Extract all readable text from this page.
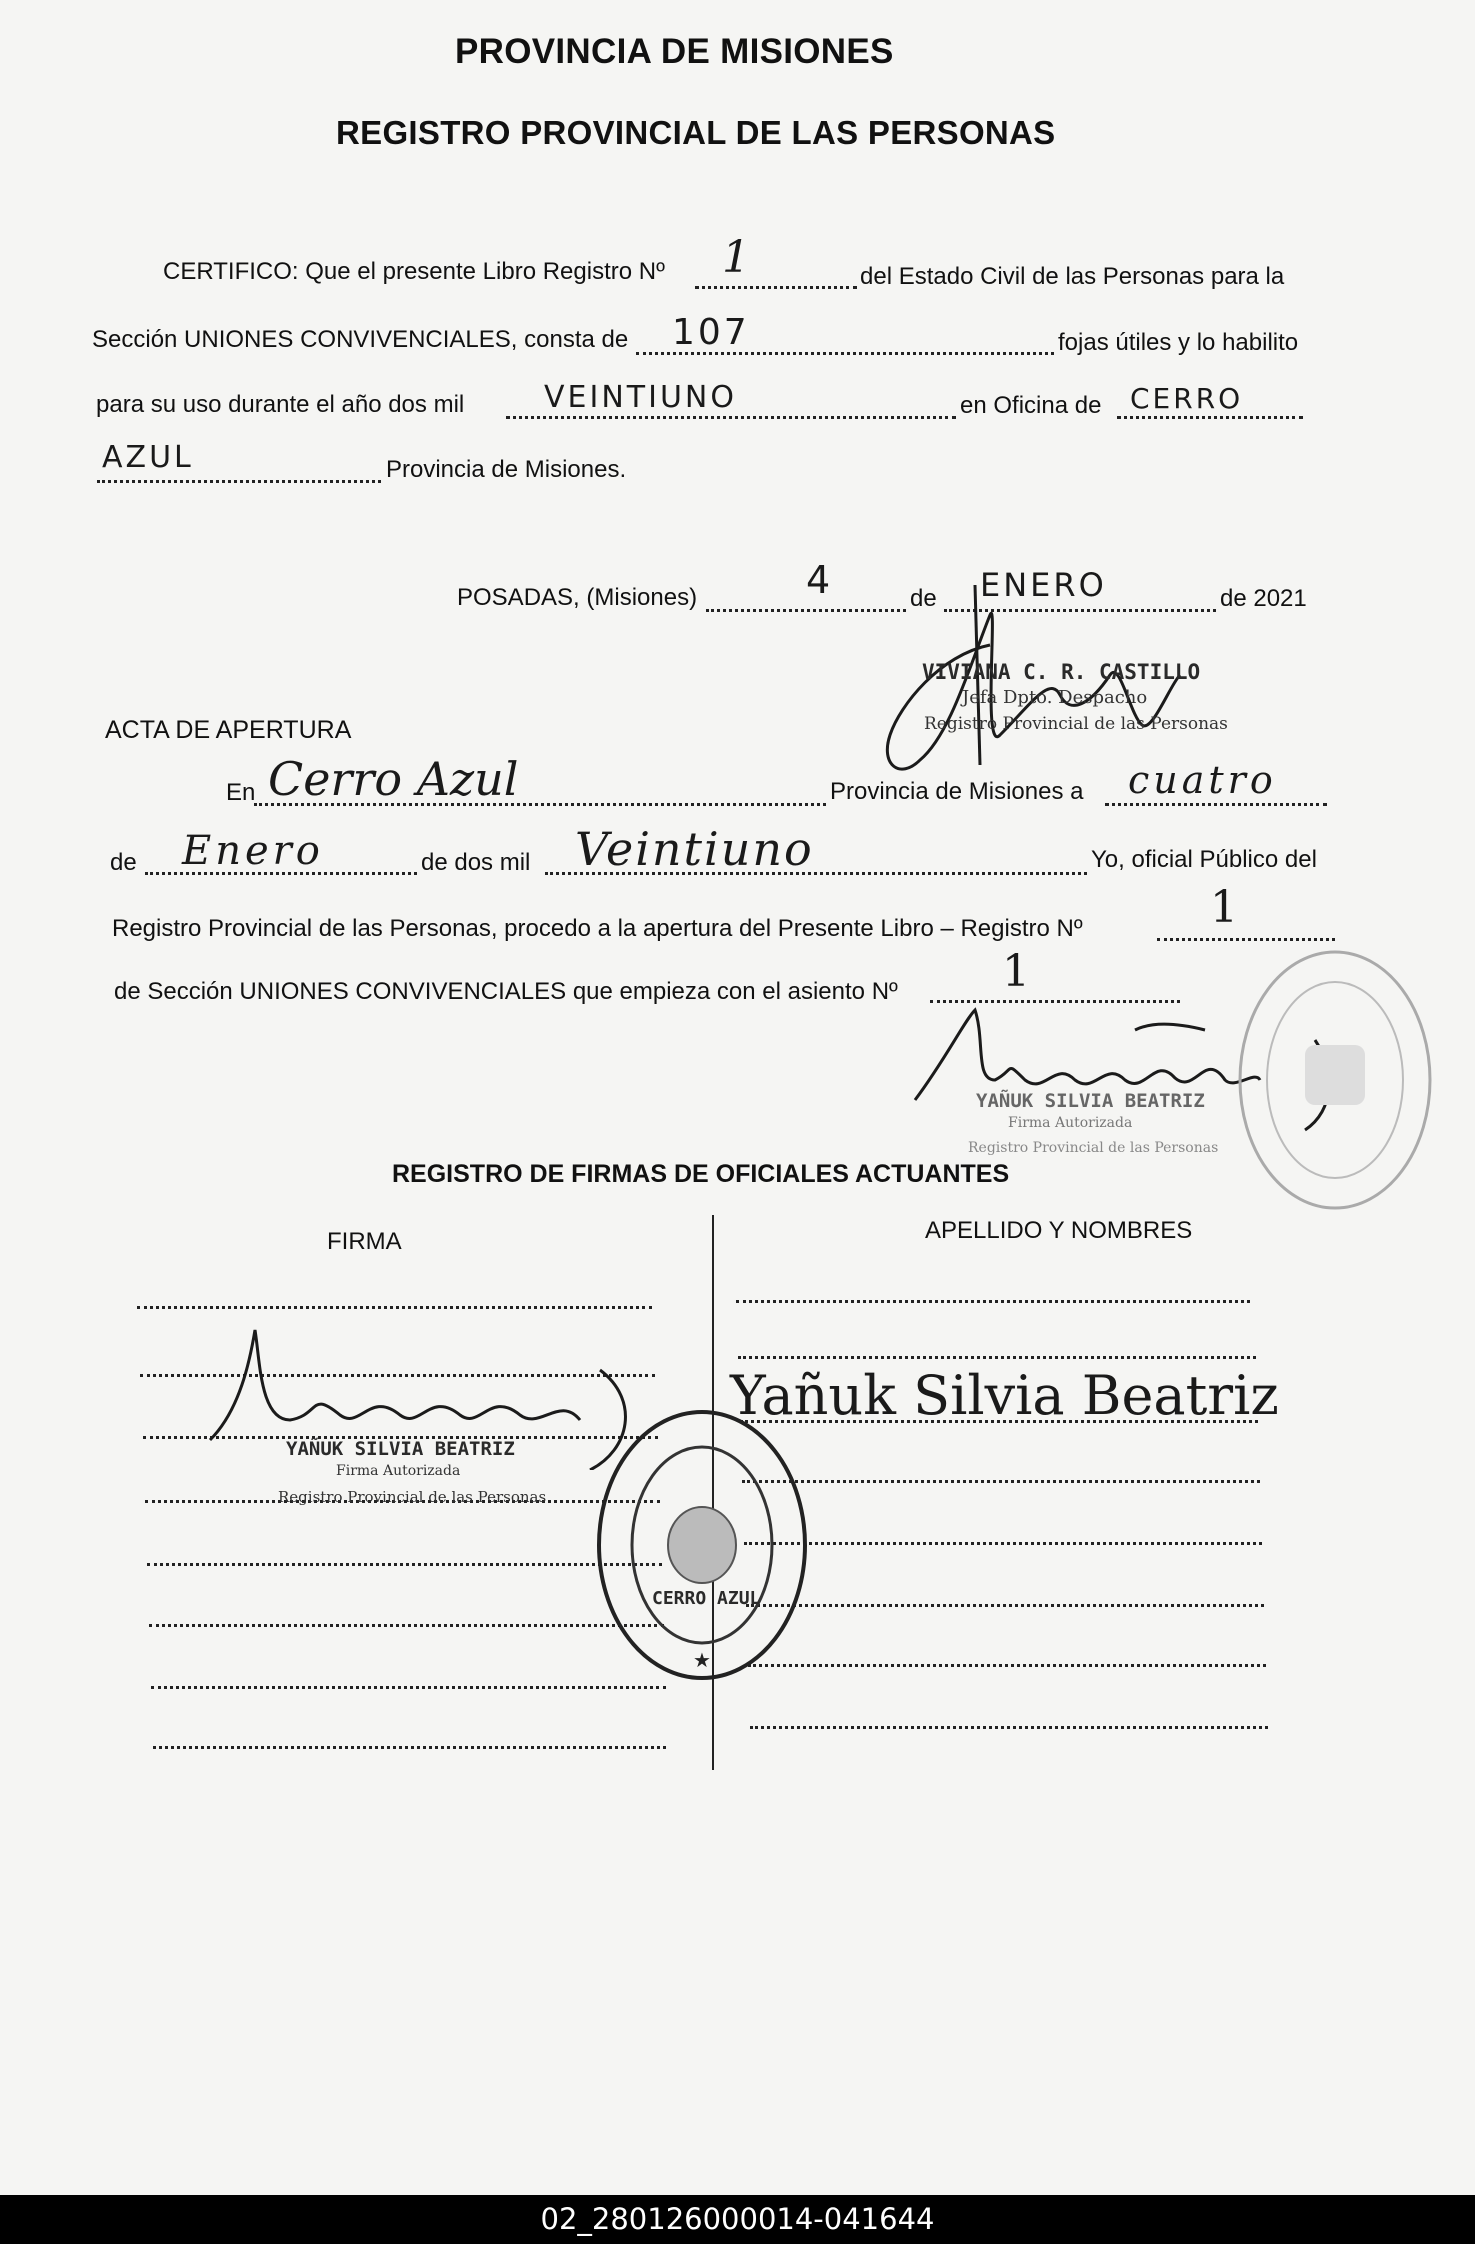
PROVINCIA DE MISIONES
REGISTRO PROVINCIAL DE LAS PERSONAS
CERTIFICO: Que el presente Libro Registro Nº 1	del Estado Civil de las Personas para la
Sección UNIONES CONVIVENCIALES, consta de 107	fojas útiles y lo habilito
para su uso durante el año dos mil	VEINTIUNO	en Oficina de CERRO
AZUL	Provincia de Misiones.
POSADAS, (Misiones)	4	de ENERO	de 2021
VIVIANA C. R. CASTILLO
Jefa Dpto. Despacho
Registro Provincial de las Personas
ACTA DE APERTURA
En Cerro Azul	Provincia de Misiones a cuatro
de Enero	de dos mil Veintiuno	Yo, oficial Público del
Registro Provincial de las Personas, procedo a la apertura del Presente Libro – Registro Nº	1
de Sección UNIONES CONVIVENCIALES que empieza con el asiento Nº 1
YAÑUK SILVIA BEATRIZ
Firma Autorizada
Registro Provincial de las Personas
REGISTRO DE FIRMAS DE OFICIALES ACTUANTES
FIRMA	APELLIDO Y NOMBRES
Yañuk Silvia Beatriz
YAÑUK SILVIA BEATRIZ
Firma Autorizada
Registro Provincial de las Personas
★
CERRO AZUL
02_280126000014-041644
